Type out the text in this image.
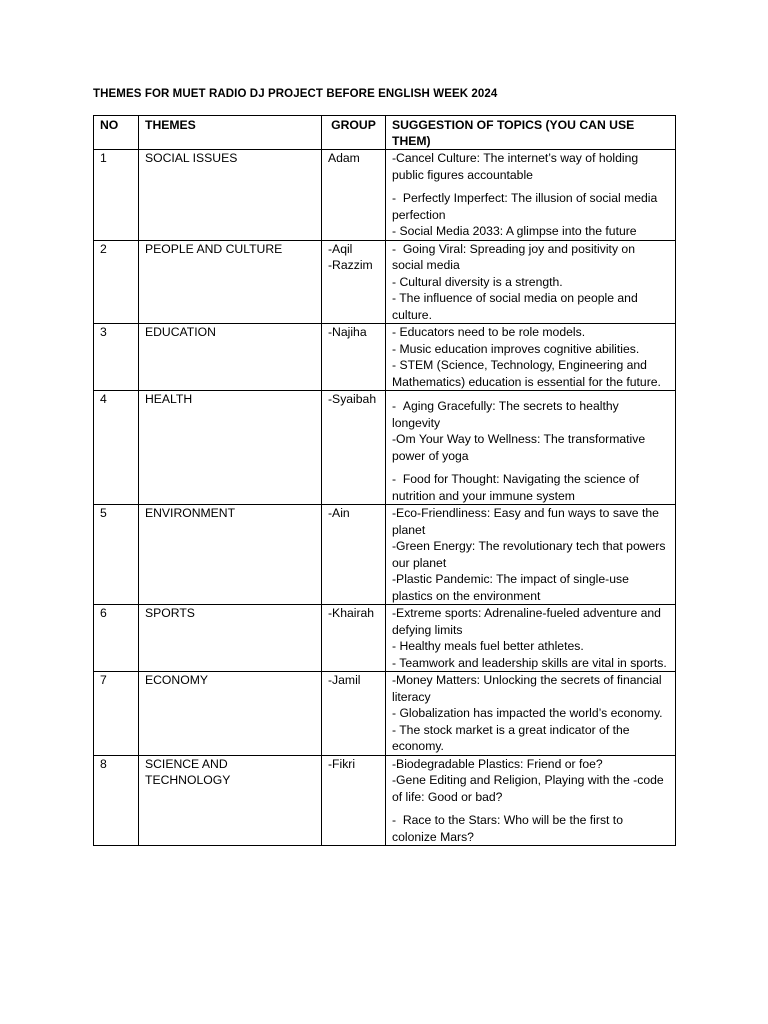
THEMES FOR MUET RADIO DJ PROJECT BEFORE ENGLISH WEEK 2024
NO	THEMES	GROUP	SUGGESTION OF TOPICS (YOU CAN USE THEM)
1	SOCIAL ISSUES	Adam	-Cancel Culture: The internet’s way of holding public figures accountable
-  Perfectly Imperfect: The illusion of social media perfection
- Social Media 2033: A glimpse into the future

2	PEOPLE AND CULTURE	-Aqil
-Razzim	-  Going Viral: Spreading joy and positivity on social media
- Cultural diversity is a strength.
- The influence of social media on people and culture.

3	EDUCATION	-Najiha	- Educators need to be role models.
- Music education improves cognitive abilities.
- STEM (Science, Technology, Engineering and Mathematics) education is essential for the future.

4	HEALTH	-Syaibah	-  Aging Gracefully: The secrets to healthy longevity
-Om Your Way to Wellness: The transformative power of yoga
-  Food for Thought: Navigating the science of nutrition and your immune system

5	ENVIRONMENT	-Ain	-Eco-Friendliness: Easy and fun ways to save the planet
-Green Energy: The revolutionary tech that powers our planet
-Plastic Pandemic: The impact of single-use plastics on the environment

6	SPORTS	-Khairah	-Extreme sports: Adrenaline-fueled adventure and defying limits
- Healthy meals fuel better athletes.
- Teamwork and leadership skills are vital in sports.

7	ECONOMY	-Jamil	-Money Matters: Unlocking the secrets of financial literacy
- Globalization has impacted the world’s economy.
- The stock market is a great indicator of the economy.

8	SCIENCE AND TECHNOLOGY	-Fikri	-Biodegradable Plastics: Friend or foe?
-Gene Editing and Religion, Playing with the -code of life: Good or bad?
-  Race to the Stars: Who will be the first to colonize Mars?
